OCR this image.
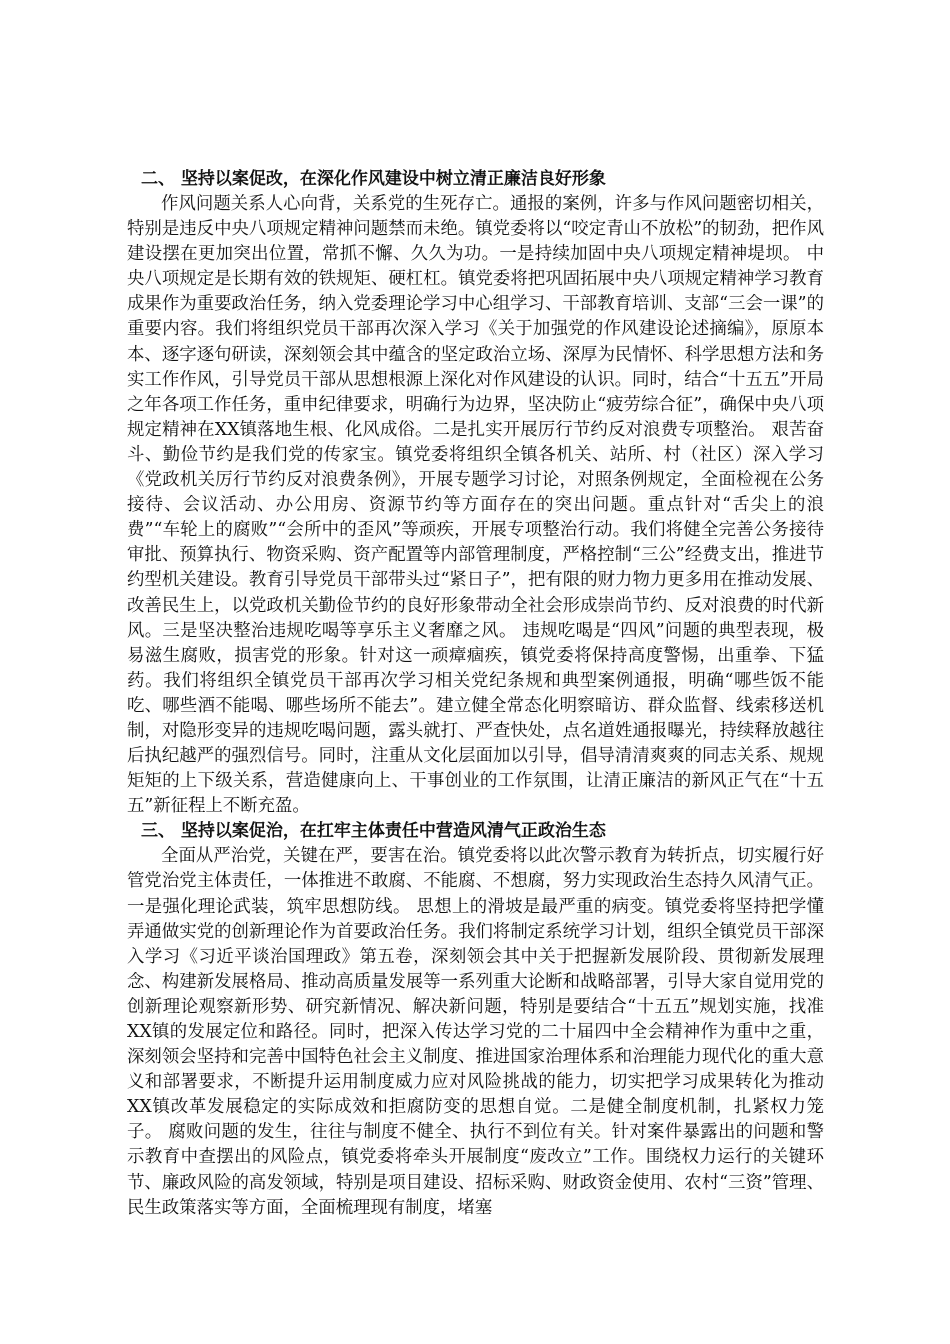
二、 坚持以案促改，在深化作风建设中树立清正廉洁良好形象

作风问题关系人心向背，关系党的生死存亡。通报的案例，许多与作风问题密切相关，特别是违反中央八项规定精神问题禁而未绝。镇党委将以“咬定青山不放松”的韧劲，把作风建设摆在更加突出位置，常抓不懈、久久为功。一是持续加固中央八项规定精神堤坝。 中央八项规定是长期有效的铁规矩、硬杠杠。镇党委将把巩固拓展中央八项规定精神学习教育成果作为重要政治任务，纳入党委理论学习中心组学习、干部教育培训、支部“三会一课”的重要内容。我们将组织党员干部再次深入学习《关于加强党的作风建设论述摘编》，原原本本、逐字逐句研读，深刻领会其中蕴含的坚定政治立场、深厚为民情怀、科学思想方法和务实工作作风，引导党员干部从思想根源上深化对作风建设的认识。同时，结合“十五五”开局之年各项工作任务，重申纪律要求，明确行为边界，坚决防止“疲劳综合征”，确保中央八项规定精神在XX镇落地生根、化风成俗。二是扎实开展厉行节约反对浪费专项整治。 艰苦奋斗、勤俭节约是我们党的传家宝。镇党委将组织全镇各机关、站所、村（社区）深入学习《党政机关厉行节约反对浪费条例》，开展专题学习讨论，对照条例规定，全面检视在公务接待、会议活动、办公用房、资源节约等方面存在的突出问题。重点针对“舌尖上的浪费”“车轮上的腐败”“会所中的歪风”等顽疾，开展专项整治行动。我们将健全完善公务接待审批、预算执行、物资采购、资产配置等内部管理制度，严格控制“三公”经费支出，推进节约型机关建设。教育引导党员干部带头过“紧日子”，把有限的财力物力更多用在推动发展、改善民生上，以党政机关勤俭节约的良好形象带动全社会形成崇尚节约、反对浪费的时代新风。三是坚决整治违规吃喝等享乐主义奢靡之风。 违规吃喝是“四风”问题的典型表现，极易滋生腐败，损害党的形象。针对这一顽瘴痼疾，镇党委将保持高度警惕，出重拳、下猛药。我们将组织全镇党员干部再次学习相关党纪条规和典型案例通报，明确“哪些饭不能吃、哪些酒不能喝、哪些场所不能去”。建立健全常态化明察暗访、群众监督、线索移送机制，对隐形变异的违规吃喝问题，露头就打、严查快处，点名道姓通报曝光，持续释放越往后执纪越严的强烈信号。同时，注重从文化层面加以引导，倡导清清爽爽的同志关系、规规矩矩的上下级关系，营造健康向上、干事创业的工作氛围，让清正廉洁的新风正气在“十五五”新征程上不断充盈。

三、 坚持以案促治，在扛牢主体责任中营造风清气正政治生态

全面从严治党，关键在严，要害在治。镇党委将以此次警示教育为转折点，切实履行好管党治党主体责任，一体推进不敢腐、不能腐、不想腐，努力实现政治生态持久风清气正。一是强化理论武装，筑牢思想防线。 思想上的滑坡是最严重的病变。镇党委将坚持把学懂弄通做实党的创新理论作为首要政治任务。我们将制定系统学习计划，组织全镇党员干部深入学习《习近平谈治国理政》第五卷，深刻领会其中关于把握新发展阶段、贯彻新发展理念、构建新发展格局、推动高质量发展等一系列重大论断和战略部署，引导大家自觉用党的创新理论观察新形势、研究新情况、解决新问题，特别是要结合“十五五”规划实施，找准XX镇的发展定位和路径。同时，把深入传达学习党的二十届四中全会精神作为重中之重，深刻领会坚持和完善中国特色社会主义制度、推进国家治理体系和治理能力现代化的重大意义和部署要求，不断提升运用制度威力应对风险挑战的能力，切实把学习成果转化为推动XX镇改革发展稳定的实际成效和拒腐防变的思想自觉。二是健全制度机制，扎紧权力笼子。 腐败问题的发生，往往与制度不健全、执行不到位有关。针对案件暴露出的问题和警示教育中查摆出的风险点，镇党委将牵头开展制度“废改立”工作。围绕权力运行的关键环节、廉政风险的高发领域，特别是项目建设、招标采购、财政资金使用、农村“三资”管理、民生政策落实等方面，全面梳理现有制度，堵塞
